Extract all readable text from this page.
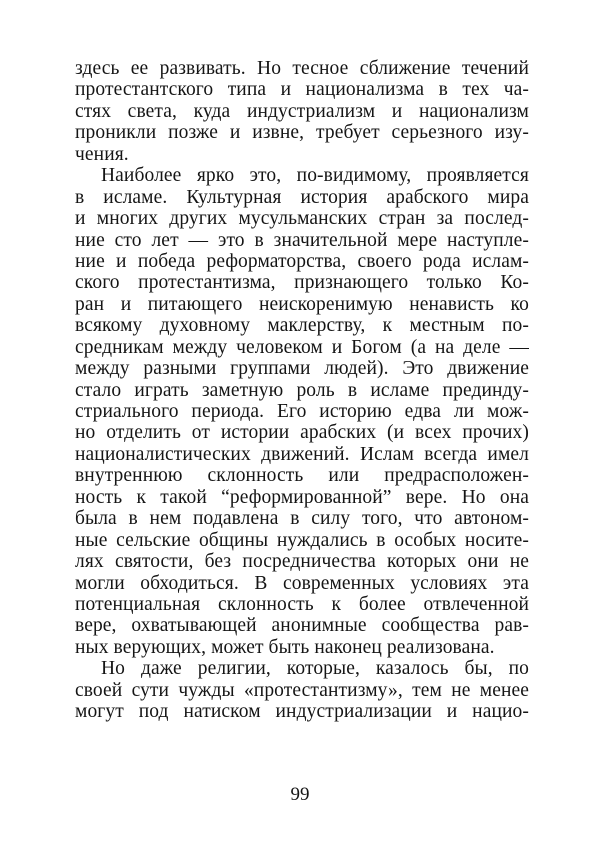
здесь ее развивать. Но тесное сближение течений
протестантского типа и национализма в тех ча-
стях света, куда индустриализм и национализм
проникли позже и извне, требует серьезного изу-
чения.
Наиболее ярко это, по-видимому, проявляется
в исламе. Культурная история арабского мира
и многих других мусульманских стран за послед-
ние сто лет — это в значительной мере наступле-
ние и победа реформаторства, своего рода ислам-
ского протестантизма, признающего только Ко-
ран и питающего неискоренимую ненависть ко
всякому духовному маклерству, к местным по-
средникам между человеком и Богом (а на деле —
между разными группами людей). Это движение
стало играть заметную роль в исламе прединду-
стриального периода. Его историю едва ли мож-
но отделить от истории арабских (и всех прочих)
националистических движений. Ислам всегда имел
внутреннюю склонность или предрасположен-
ность к такой “реформированной” вере. Но она
была в нем подавлена в силу того, что автоном-
ные сельские общины нуждались в особых носите-
лях святости, без посредничества которых они не
могли обходиться. В современных условиях эта
потенциальная склонность к более отвлеченной
вере, охватывающей анонимные сообщества рав-
ных верующих, может быть наконец реализована.
Но даже религии, которые, казалось бы, по
своей сути чужды «протестантизму», тем не менее
могут под натиском индустриализации и нацио-
99
